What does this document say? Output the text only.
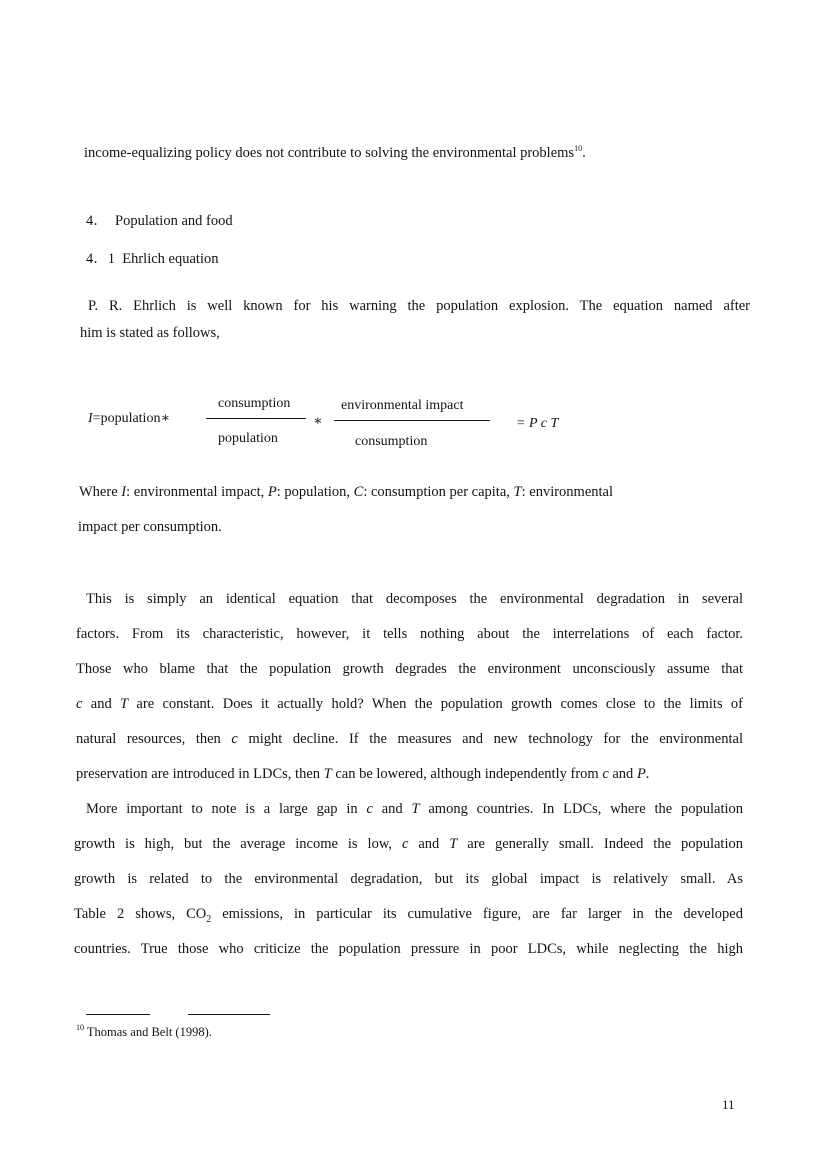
income-equalizing policy does not contribute to solving the environmental problems$^{10}$.
4． Population and food
4．1 Ehrlich equation
P. R. Ehrlich is well known for his warning the population explosion. The equation named after
him is stated as follows,
I=population∗
consumption
population
∗
environmental impact
consumption
= P c T
Where I: environmental impact, P: population, C: consumption per capita, T: environmental
impact per consumption.
This is simply an identical equation that decomposes the environmental degradation in several
factors. From its characteristic, however, it tells nothing about the interrelations of each factor.
Those who blame that the population growth degrades the environment unconsciously assume that
c and T are constant. Does it actually hold? When the population growth comes close to the limits of
natural resources, then c might decline. If the measures and new technology for the environmental
preservation are introduced in LDCs, then T can be lowered, although independently from c and P.
More important to note is a large gap in c and T among countries. In LDCs, where the population
growth is high, but the average income is low, c and T are generally small. Indeed the population
growth is related to the environmental degradation, but its global impact is relatively small. As
Table 2 shows, $CO_2$ emissions, in particular its cumulative figure, are far larger in the developed
countries. True those who criticize the population pressure in poor LDCs, while neglecting the high
$^{10}$ Thomas and Belt (1998).
11
